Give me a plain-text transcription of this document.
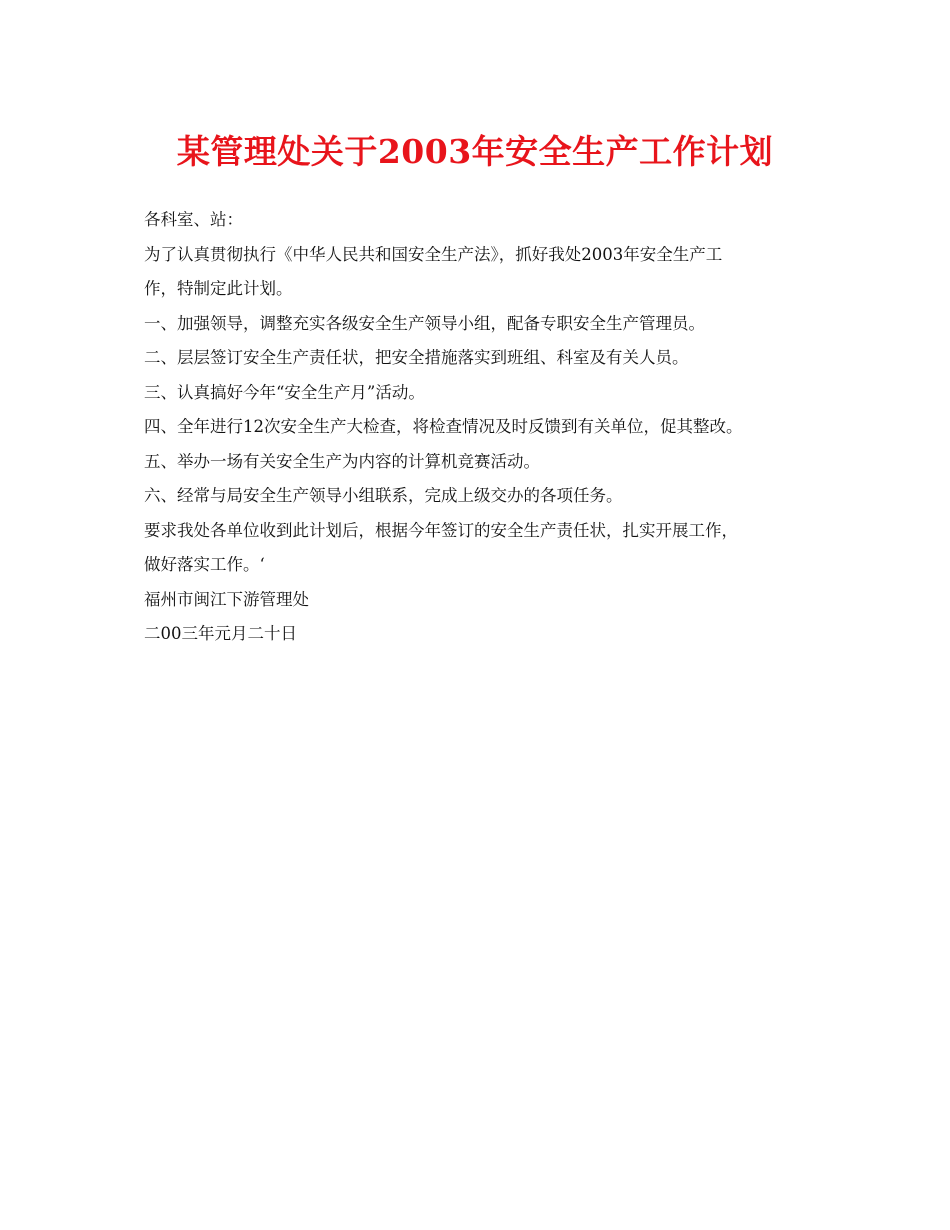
某管理处关于2003年安全生产工作计划
各科室、站：
为了认真贯彻执行《中华人民共和国安全生产法》，抓好我处2003年安全生产工
作，特制定此计划。
一、加强领导，调整充实各级安全生产领导小组，配备专职安全生产管理员。
二、层层签订安全生产责任状，把安全措施落实到班组、科室及有关人员。
三、认真搞好今年“安全生产月”活动。
四、全年进行12次安全生产大检查，将检查情况及时反馈到有关单位，促其整改。
五、举办一场有关安全生产为内容的计算机竞赛活动。
六、经常与局安全生产领导小组联系，完成上级交办的各项任务。
要求我处各单位收到此计划后，根据今年签订的安全生产责任状，扎实开展工作，
做好落实工作。‘
福州市闽江下游管理处
二00三年元月二十日
